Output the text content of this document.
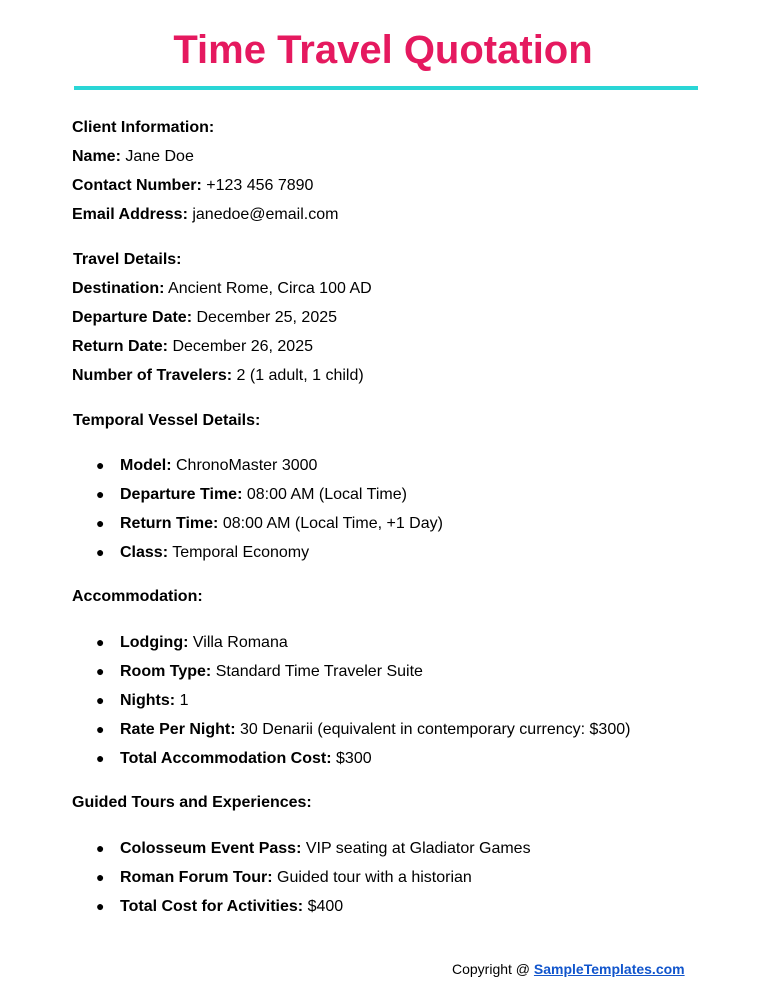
Time Travel Quotation
Client Information:
Name: Jane Doe
Contact Number: +123 456 7890
Email Address: janedoe@email.com
Travel Details:
Destination: Ancient Rome, Circa 100 AD
Departure Date: December 25, 2025
Return Date: December 26, 2025
Number of Travelers: 2 (1 adult, 1 child)
Temporal Vessel Details:
● Model: ChronoMaster 3000
● Departure Time: 08:00 AM (Local Time)
● Return Time: 08:00 AM (Local Time, +1 Day)
● Class: Temporal Economy
Accommodation:
● Lodging: Villa Romana
● Room Type: Standard Time Traveler Suite
● Nights: 1
● Rate Per Night: 30 Denarii (equivalent in contemporary currency: $300)
● Total Accommodation Cost: $300
Guided Tours and Experiences:
● Colosseum Event Pass: VIP seating at Gladiator Games
● Roman Forum Tour: Guided tour with a historian
● Total Cost for Activities: $400
Copyright @ SampleTemplates.com
